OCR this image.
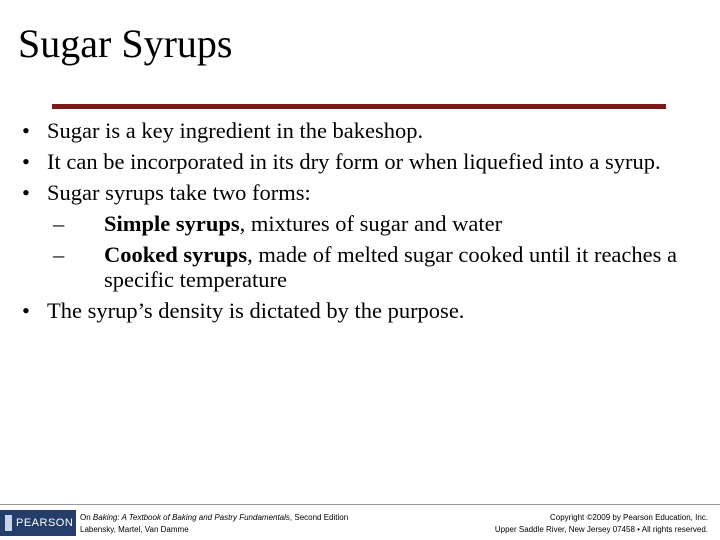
Sugar Syrups
• Sugar is a key ingredient in the bakeshop.
• It can be incorporated in its dry form or when liquefied into a syrup.
• Sugar syrups take two forms:
– Simple syrups, mixtures of sugar and water
– Cooked syrups, made of melted sugar cooked until it reaches a specific temperature
• The syrup’s density is dictated by the purpose.
PEARSON On Baking: A Textbook of Baking and Pastry Fundamentals, Second Edition
Labensky, Martel, Van Damme
Copyright ©2009 by Pearson Education, Inc.
Upper Saddle River, New Jersey 07458 • All rights reserved.
